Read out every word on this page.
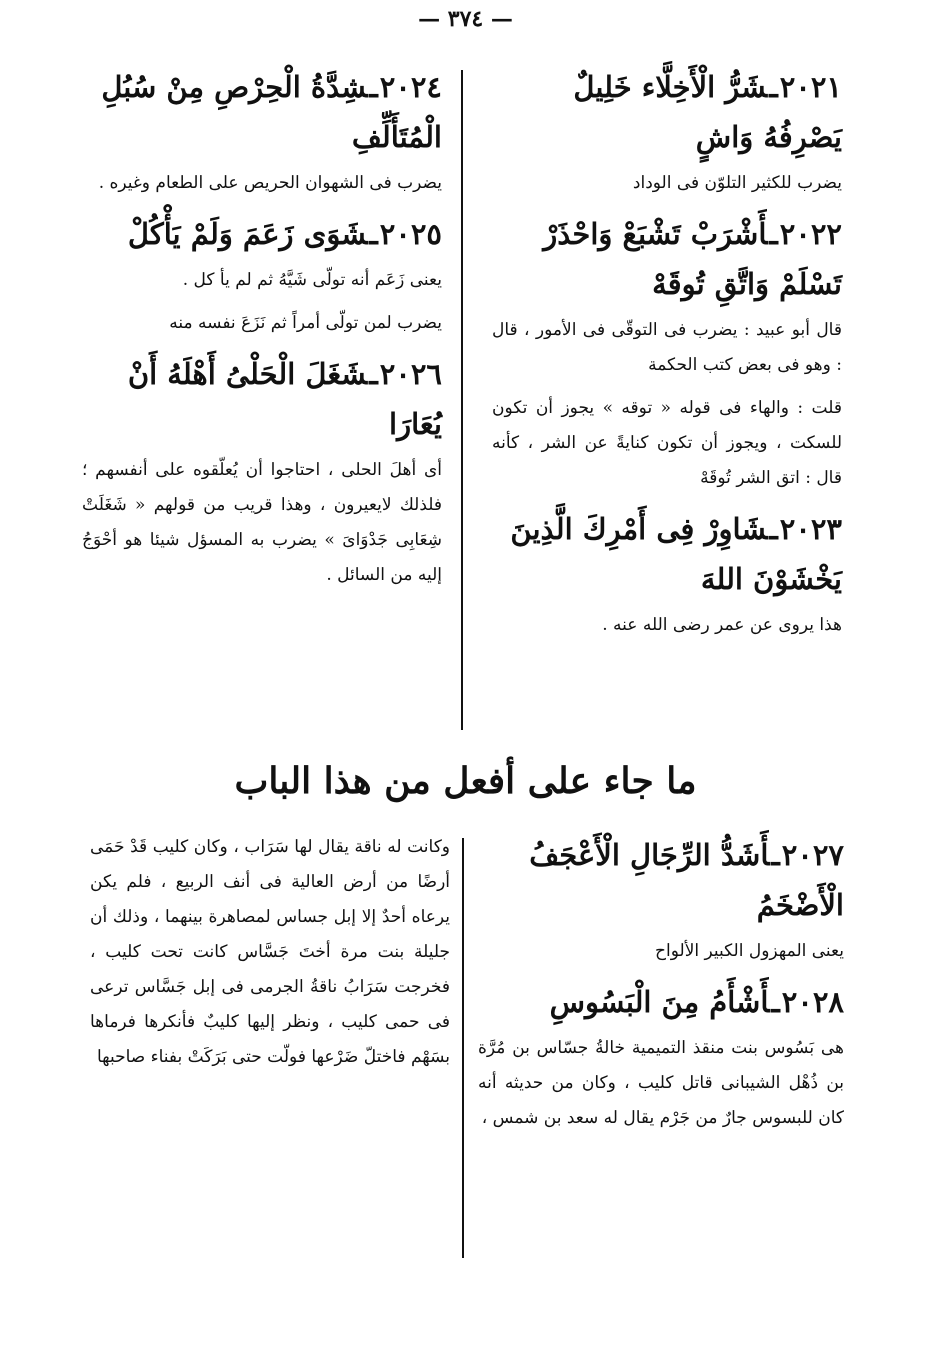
— ٣٧٤ —

٢٠٢١ـشَرُّ الْأَخِلَّاء خَلِيلٌ يَصْرِفُهُ وَاشٍ

يضرب للكثير التلوّن فى الوداد

٢٠٢٢ـأَشْرَبْ تَشْبَعْ وَاحْذَرْ تَسْلَمْ وَاتَّقِ تُوقَهْ

قال أبو عبيد : يضرب فى التوقّى فى الأمور ، قال : وهو فى بعض كتب الحكمة

قلت : والهاء فى قوله « توقه » يجوز أن تكون للسكت ، ويجوز أن تكون كنايةً عن الشر ، كأنه قال : اتق الشر تُوقَهْ

٢٠٢٣ـشَاوِرْ فِى أَمْرِكَ الَّذِينَ يَخْشَوْنَ اللهَ

هذا يروى عن عمر رضى الله عنه .

٢٠٢٤ـشِدَّةُ الْحِرْصِ مِنْ سُبُلِ الْمُتَأَلِّفِ

يضرب فى الشهوان الحريص على الطعام وغيره .

٢٠٢٥ـشَوَى زَعَمَ وَلَمْ يَأْكُلْ

يعنى زَعَم أنه تولّى شَيَّهُ ثم لم يأ كل .

يضرب لمن تولّى أمراً ثم نَزَعَ نفسه منه

٢٠٢٦ـشَغَلَ الْحَلْىُ أَهْلَهُ أَنْ يُعَارَا

أى أهلَ الحلى ، احتاجوا أن يُعلّقوه على أنفسهم ؛ فلذلك لايعيرون ، وهذا قريب من قولهم « شَغَلَتْ شِعَابِى جَدْوَاىَ » يضرب به المسؤل شيئا هو أحْوَجُ إليه من السائل .

ما جاء على أفعل من هذا الباب

٢٠٢٧ـأَشَدُّ الرِّجَالِ الْأَعْجَفُ الْأَضْخَمُ

يعنى المهزول الكبير الألواح

٢٠٢٨ـأَشْأَمُ مِنَ الْبَسُوسِ

هى بَسُوس بنت منقذ التميمية خالةُ جسّاس بن مُرَّة بن ذُهْل الشيبانى قاتل كليب ، وكان من حديثه أنه كان للبسوس جارٌ من جَرْم يقال له سعد بن شمس ،

وكانت له ناقة يقال لها سَرَاب ، وكان كليب قَدْ حَمَى أرضًا من أرض العالية فى أنف الربيع ، فلم يكن يرعاه أحدٌ إلا إبل جساس لمصاهرة بينهما ، وذلك أن جليلة بنت مرة أختَ جَسَّاس كانت تحت كليب ، فخرجت سَرَابُ ناقةُ الجرمى فى إبل جَسَّاس ترعى فى حمى كليب ، ونظر إليها كليبٌ فأنكرها فرماها بسَهْم فاختلّ ضَرْعها فولّت حتى بَرَكَتْ بفناء صاحبها
